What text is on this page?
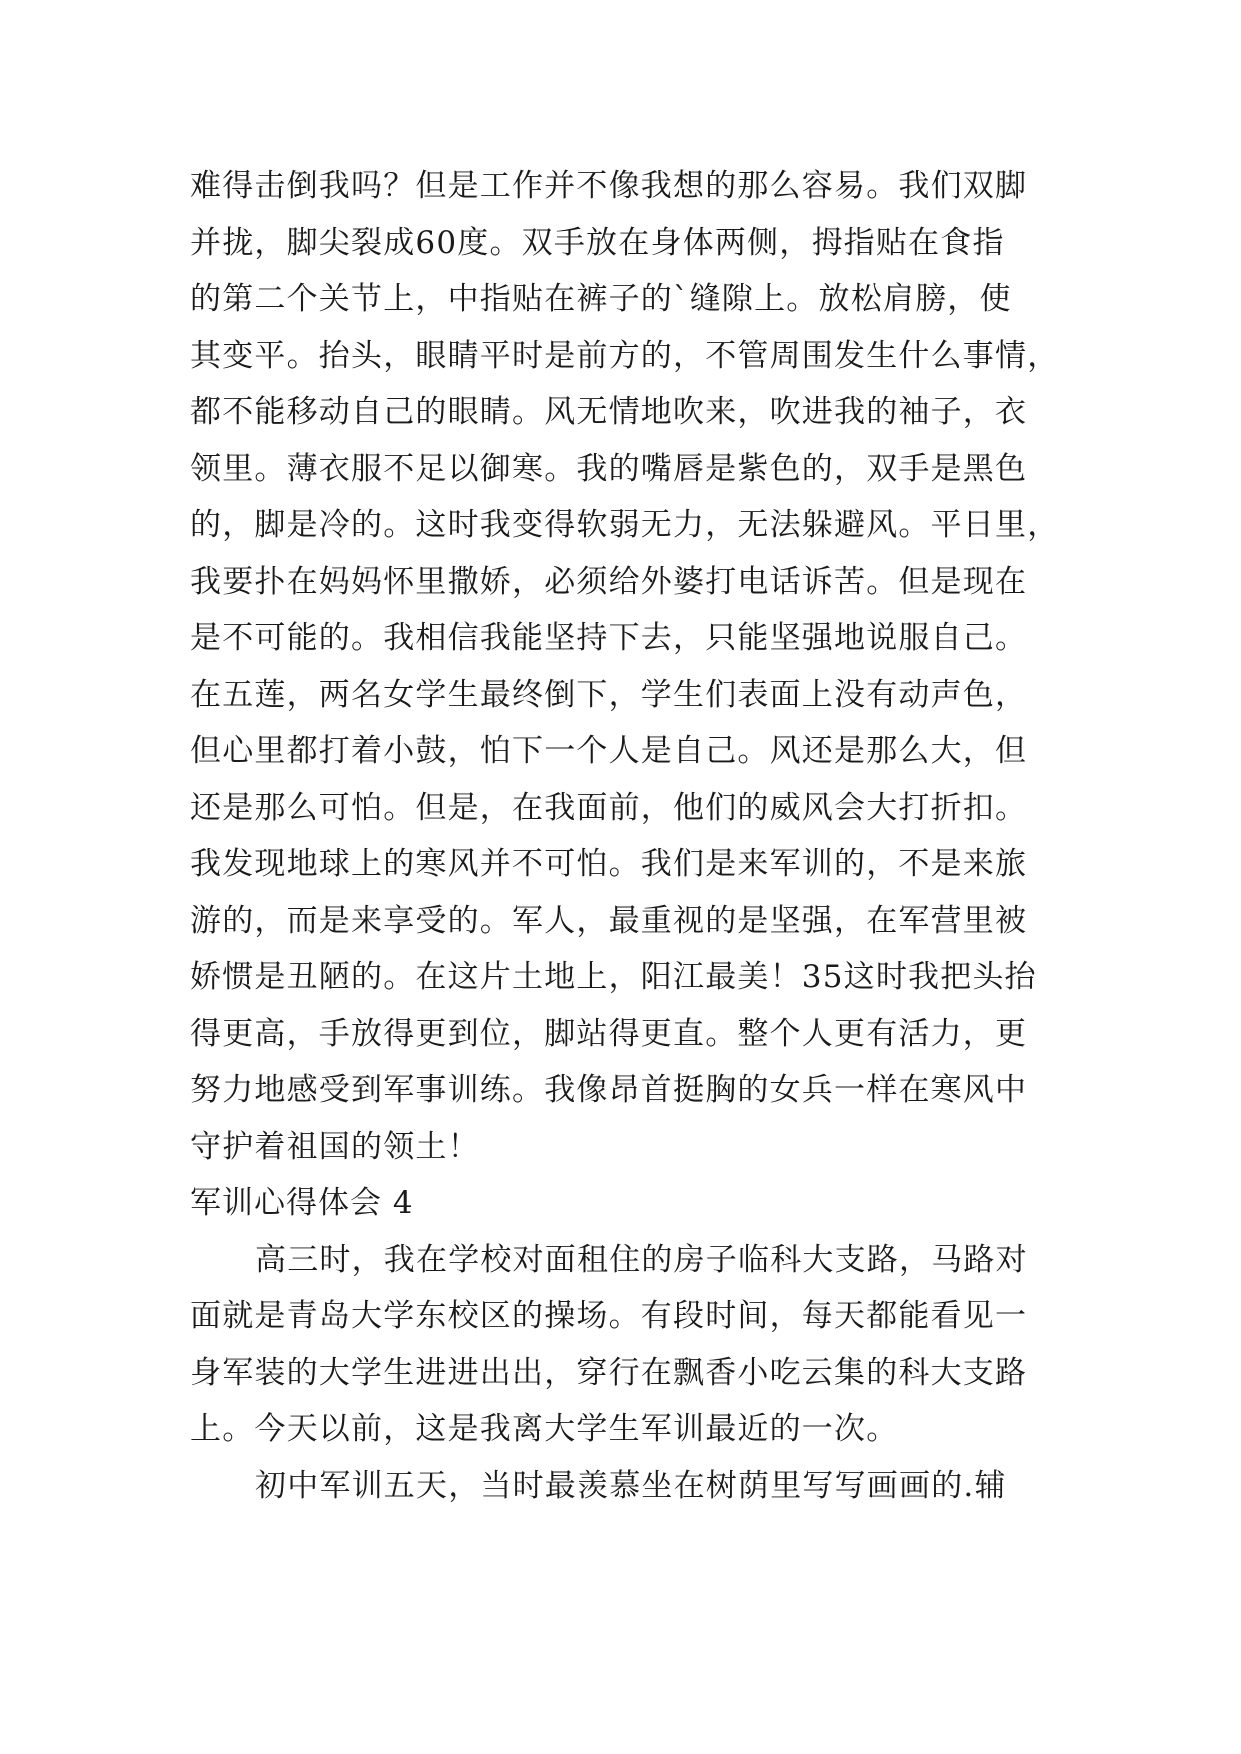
难得击倒我吗？但是工作并不像我想的那么容易。我们双脚
并拢，脚尖裂成60度。双手放在身体两侧，拇指贴在食指
的第二个关节上，中指贴在裤子的`缝隙上。放松肩膀，使
其变平。抬头，眼睛平时是前方的，不管周围发生什么事情，
都不能移动自己的眼睛。风无情地吹来，吹进我的袖子，衣
领里。薄衣服不足以御寒。我的嘴唇是紫色的，双手是黑色
的，脚是冷的。这时我变得软弱无力，无法躲避风。平日里，
我要扑在妈妈怀里撒娇，必须给外婆打电话诉苦。但是现在
是不可能的。我相信我能坚持下去，只能坚强地说服自己。
在五莲，两名女学生最终倒下，学生们表面上没有动声色，
但心里都打着小鼓，怕下一个人是自己。风还是那么大，但
还是那么可怕。但是，在我面前，他们的威风会大打折扣。
我发现地球上的寒风并不可怕。我们是来军训的，不是来旅
游的，而是来享受的。军人，最重视的是坚强，在军营里被
娇惯是丑陋的。在这片土地上，阳江最美！35这时我把头抬
得更高，手放得更到位，脚站得更直。整个人更有活力，更
努力地感受到军事训练。我像昂首挺胸的女兵一样在寒风中
守护着祖国的领土！
军训心得体会 4
高三时，我在学校对面租住的房子临科大支路，马路对
面就是青岛大学东校区的操场。有段时间，每天都能看见一
身军装的大学生进进出出，穿行在飘香小吃云集的科大支路
上。今天以前，这是我离大学生军训最近的一次。
初中军训五天，当时最羡慕坐在树荫里写写画画的.辅
